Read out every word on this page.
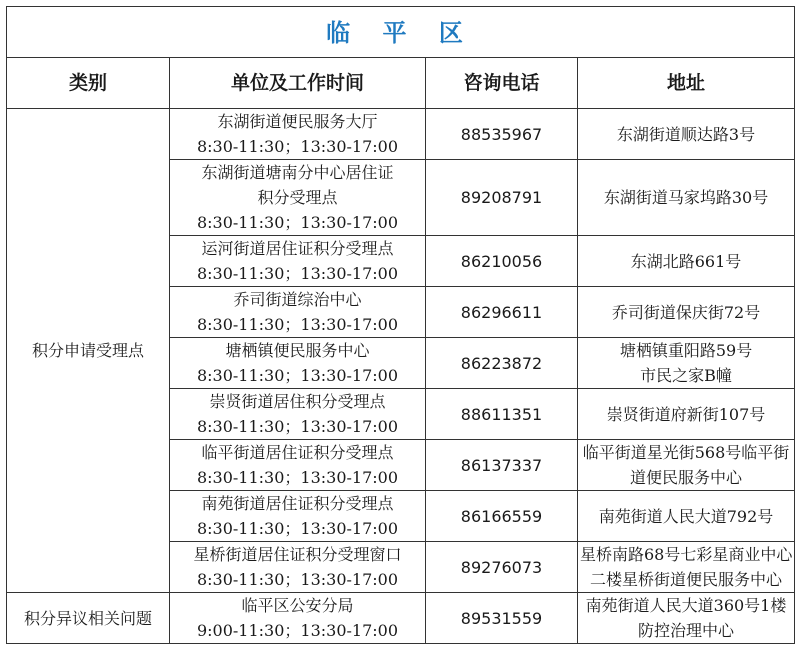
临 平 区			
类别	单位及工作时间	咨询电话	地址
积分申请受理点	东湖街道便民服务大厅
8:30-11:30；13:30-17:00	88535967	东湖街道顺达路3号

	东湖街道塘南分中心居住证
积分受理点
8:30-11:30；13:30-17:00	89208791	东湖街道马家坞路30号

	运河街道居住证积分受理点
8:30-11:30；13:30-17:00	86210056	东湖北路661号

	乔司街道综治中心
8:30-11:30；13:30-17:00	86296611	乔司街道保庆街72号

	塘栖镇便民服务中心
8:30-11:30；13:30-17:00	86223872	塘栖镇重阳路59号
市民之家B幢

	崇贤街道居住积分受理点
8:30-11:30；13:30-17:00	88611351	崇贤街道府新街107号

	临平街道居住证积分受理点
8:30-11:30；13:30-17:00	86137337	临平街道星光街568号临平街
道便民服务中心

	南苑街道居住证积分受理点
8:30-11:30；13:30-17:00	86166559	南苑街道人民大道792号

	星桥街道居住证积分受理窗口
8:30-11:30；13:30-17:00	89276073	星桥南路68号七彩星商业中心
二楼星桥街道便民服务中心

积分异议相关问题	临平区公安分局
9:00-11:30；13:30-17:00	89531559	南苑街道人民大道360号1楼
防控治理中心
